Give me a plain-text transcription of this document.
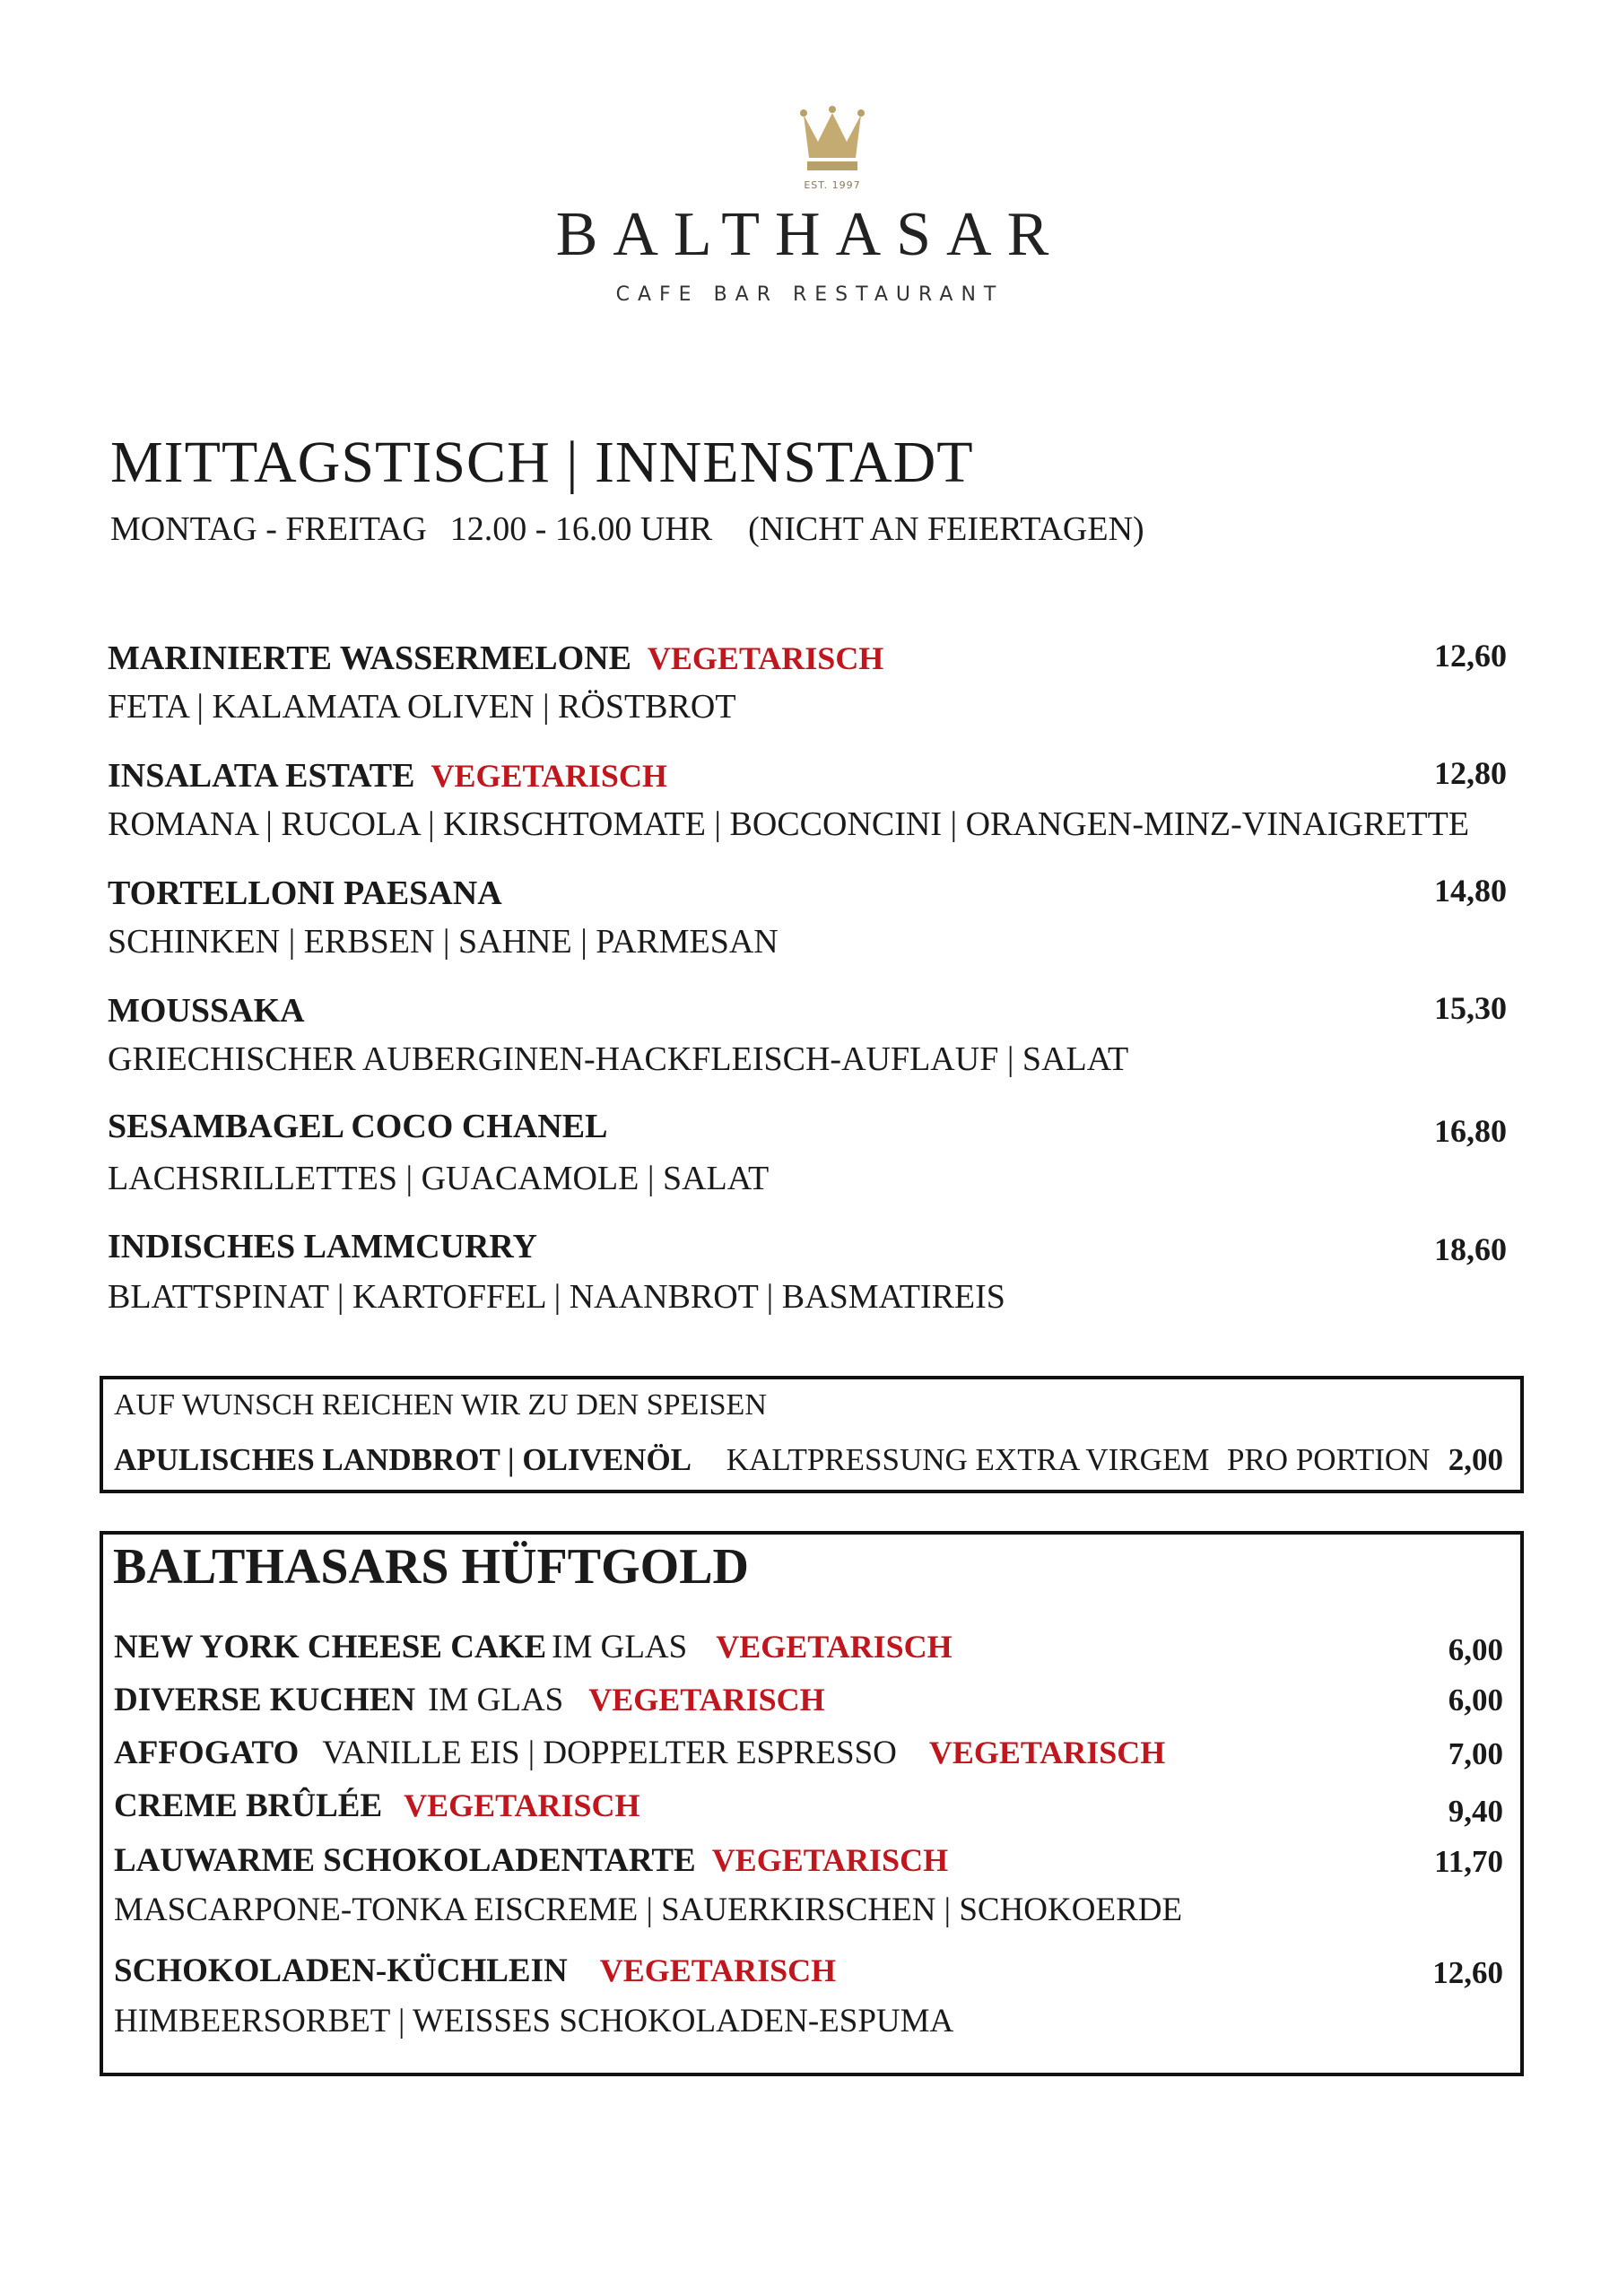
EST. 1997
BALTHASAR
CAFE BAR RESTAURANT
MITTAGSTISCH | INNENSTADT
MONTAG - FREITAG 12.00 - 16.00 UHR (NICHT AN FEIERTAGEN)
MARINIERTE WASSERMELONE VEGETARISCH	12,60
FETA | KALAMATA OLIVEN | RÖSTBROT
INSALATA ESTATE VEGETARISCH	12,80
ROMANA | RUCOLA | KIRSCHTOMATE | BOCCONCINI | ORANGEN-MINZ-VINAIGRETTE
TORTELLONI PAESANA	14,80
SCHINKEN | ERBSEN | SAHNE | PARMESAN
MOUSSAKA	15,30
GRIECHISCHER AUBERGINEN-HACKFLEISCH-AUFLAUF | SALAT
SESAMBAGEL COCO CHANEL	16,80
LACHSRILLETTES | GUACAMOLE | SALAT
INDISCHES LAMMCURRY	18,60
BLATTSPINAT | KARTOFFEL | NAANBROT | BASMATIREIS
AUF WUNSCH REICHEN WIR ZU DEN SPEISEN
APULISCHES LANDBROT | OLIVENÖL KALTPRESSUNG EXTRA VIRGEM PRO PORTION 2,00
BALTHASARS HÜFTGOLD
NEW YORK CHEESE CAKE IM GLAS VEGETARISCH	6,00
DIVERSE KUCHEN IM GLAS VEGETARISCH	6,00
AFFOGATO VANILLE EIS | DOPPELTER ESPRESSO VEGETARISCH	7,00
CREME BRÛLÉE VEGETARISCH	9,40
LAUWARME SCHOKOLADENTARTE VEGETARISCH	11,70
MASCARPONE-TONKA EISCREME | SAUERKIRSCHEN | SCHOKOERDE
SCHOKOLADEN-KÜCHLEIN VEGETARISCH	12,60
HIMBEERSORBET | WEISSES SCHOKOLADEN-ESPUMA
